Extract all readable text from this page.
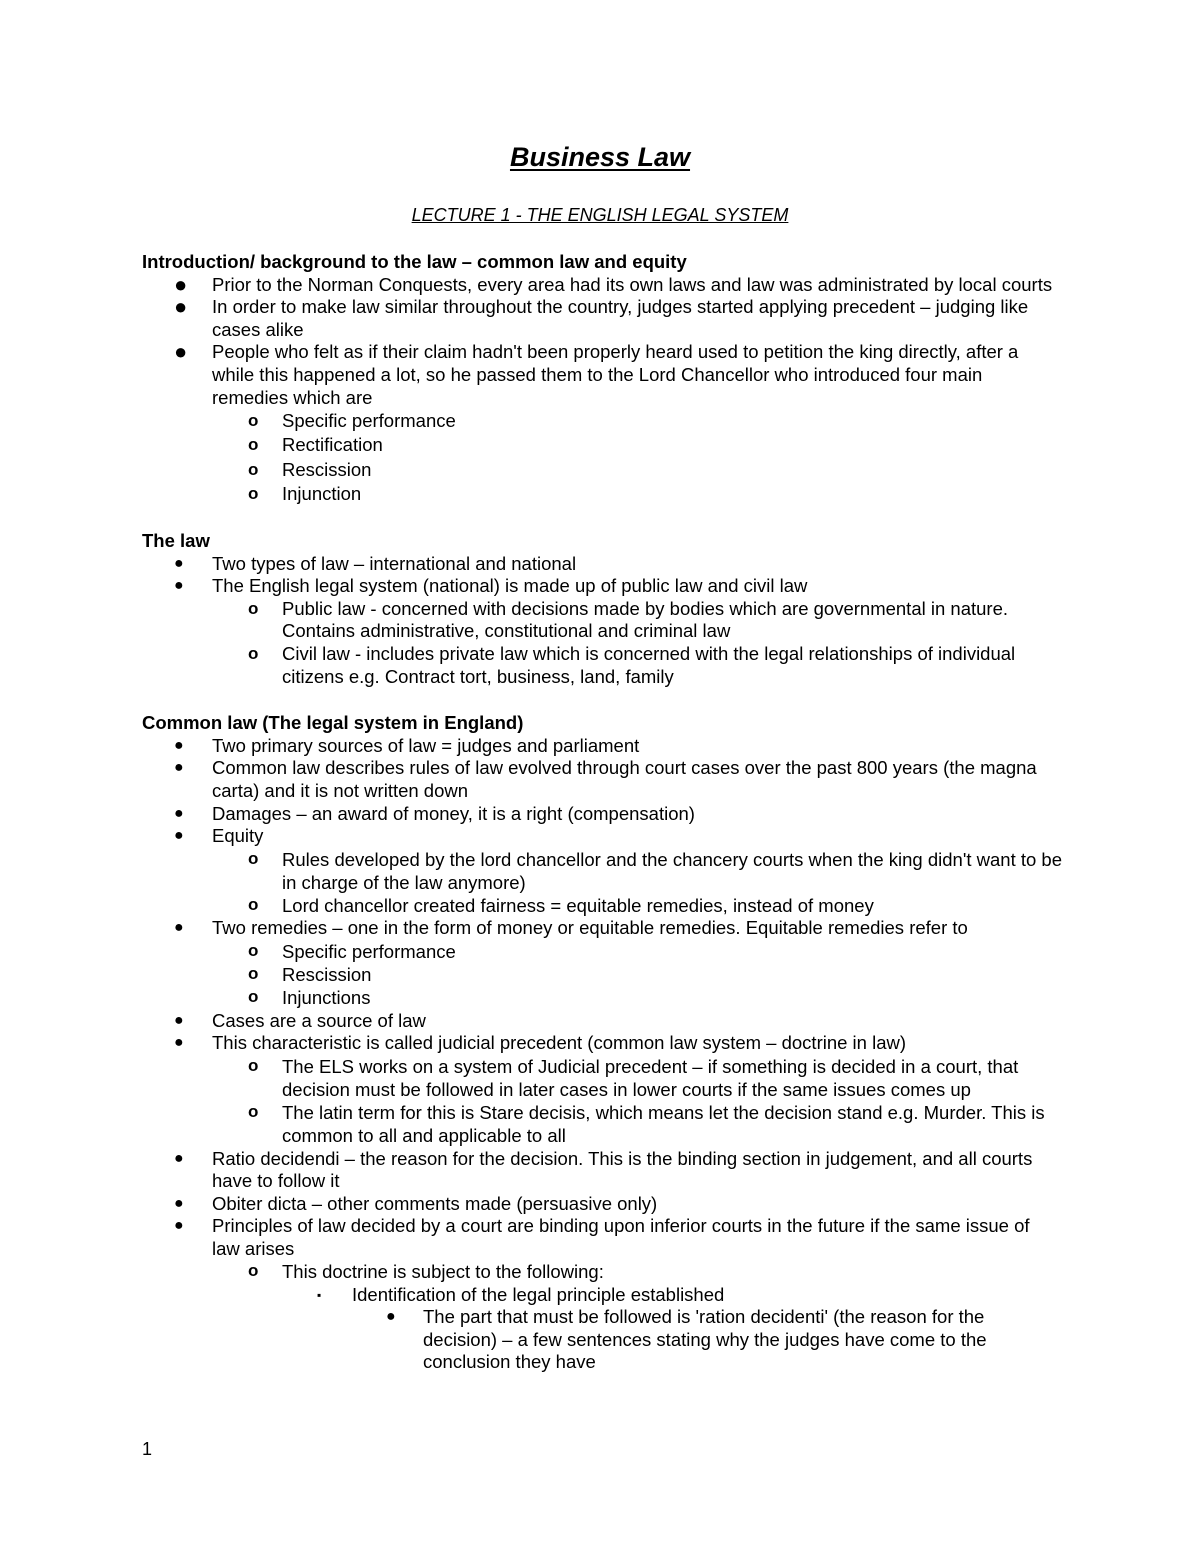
Business Law
LECTURE 1 - THE ENGLISH LEGAL SYSTEM
Introduction/ background to the law – common law and equity
● Prior to the Norman Conquests, every area had its own laws and law was administrated by local courts
● In order to make law similar throughout the country, judges started applying precedent – judging like cases alike
● People who felt as if their claim hadn't been properly heard used to petition the king directly, after a while this happened a lot, so he passed them to the Lord Chancellor who introduced four main remedies which are
o Specific performance
o Rectification
o Rescission
o Injunction
The law
● Two types of law – international and national
● The English legal system (national) is made up of public law and civil law
o Public law - concerned with decisions made by bodies which are governmental in nature. Contains administrative, constitutional and criminal law
o Civil law - includes private law which is concerned with the legal relationships of individual citizens e.g. Contract tort, business, land, family
Common law (The legal system in England)
● Two primary sources of law = judges and parliament
● Common law describes rules of law evolved through court cases over the past 800 years (the magna carta) and it is not written down
● Damages – an award of money, it is a right (compensation)
● Equity
o Rules developed by the lord chancellor and the chancery courts when the king didn't want to be in charge of the law anymore)
o Lord chancellor created fairness = equitable remedies, instead of money
● Two remedies – one in the form of money or equitable remedies. Equitable remedies refer to
o Specific performance
o Rescission
o Injunctions
● Cases are a source of law
● This characteristic is called judicial precedent (common law system – doctrine in law)
o The ELS works on a system of Judicial precedent – if something is decided in a court, that decision must be followed in later cases in lower courts if the same issues comes up
o The latin term for this is Stare decisis, which means let the decision stand e.g. Murder. This is common to all and applicable to all
● Ratio decidendi – the reason for the decision. This is the binding section in judgement, and all courts have to follow it
● Obiter dicta – other comments made (persuasive only)
● Principles of law decided by a court are binding upon inferior courts in the future if the same issue of law arises
o This doctrine is subject to the following:
▪ Identification of the legal principle established
● The part that must be followed is 'ration decidenti' (the reason for the decision) – a few sentences stating why the judges have come to the conclusion they have
1
